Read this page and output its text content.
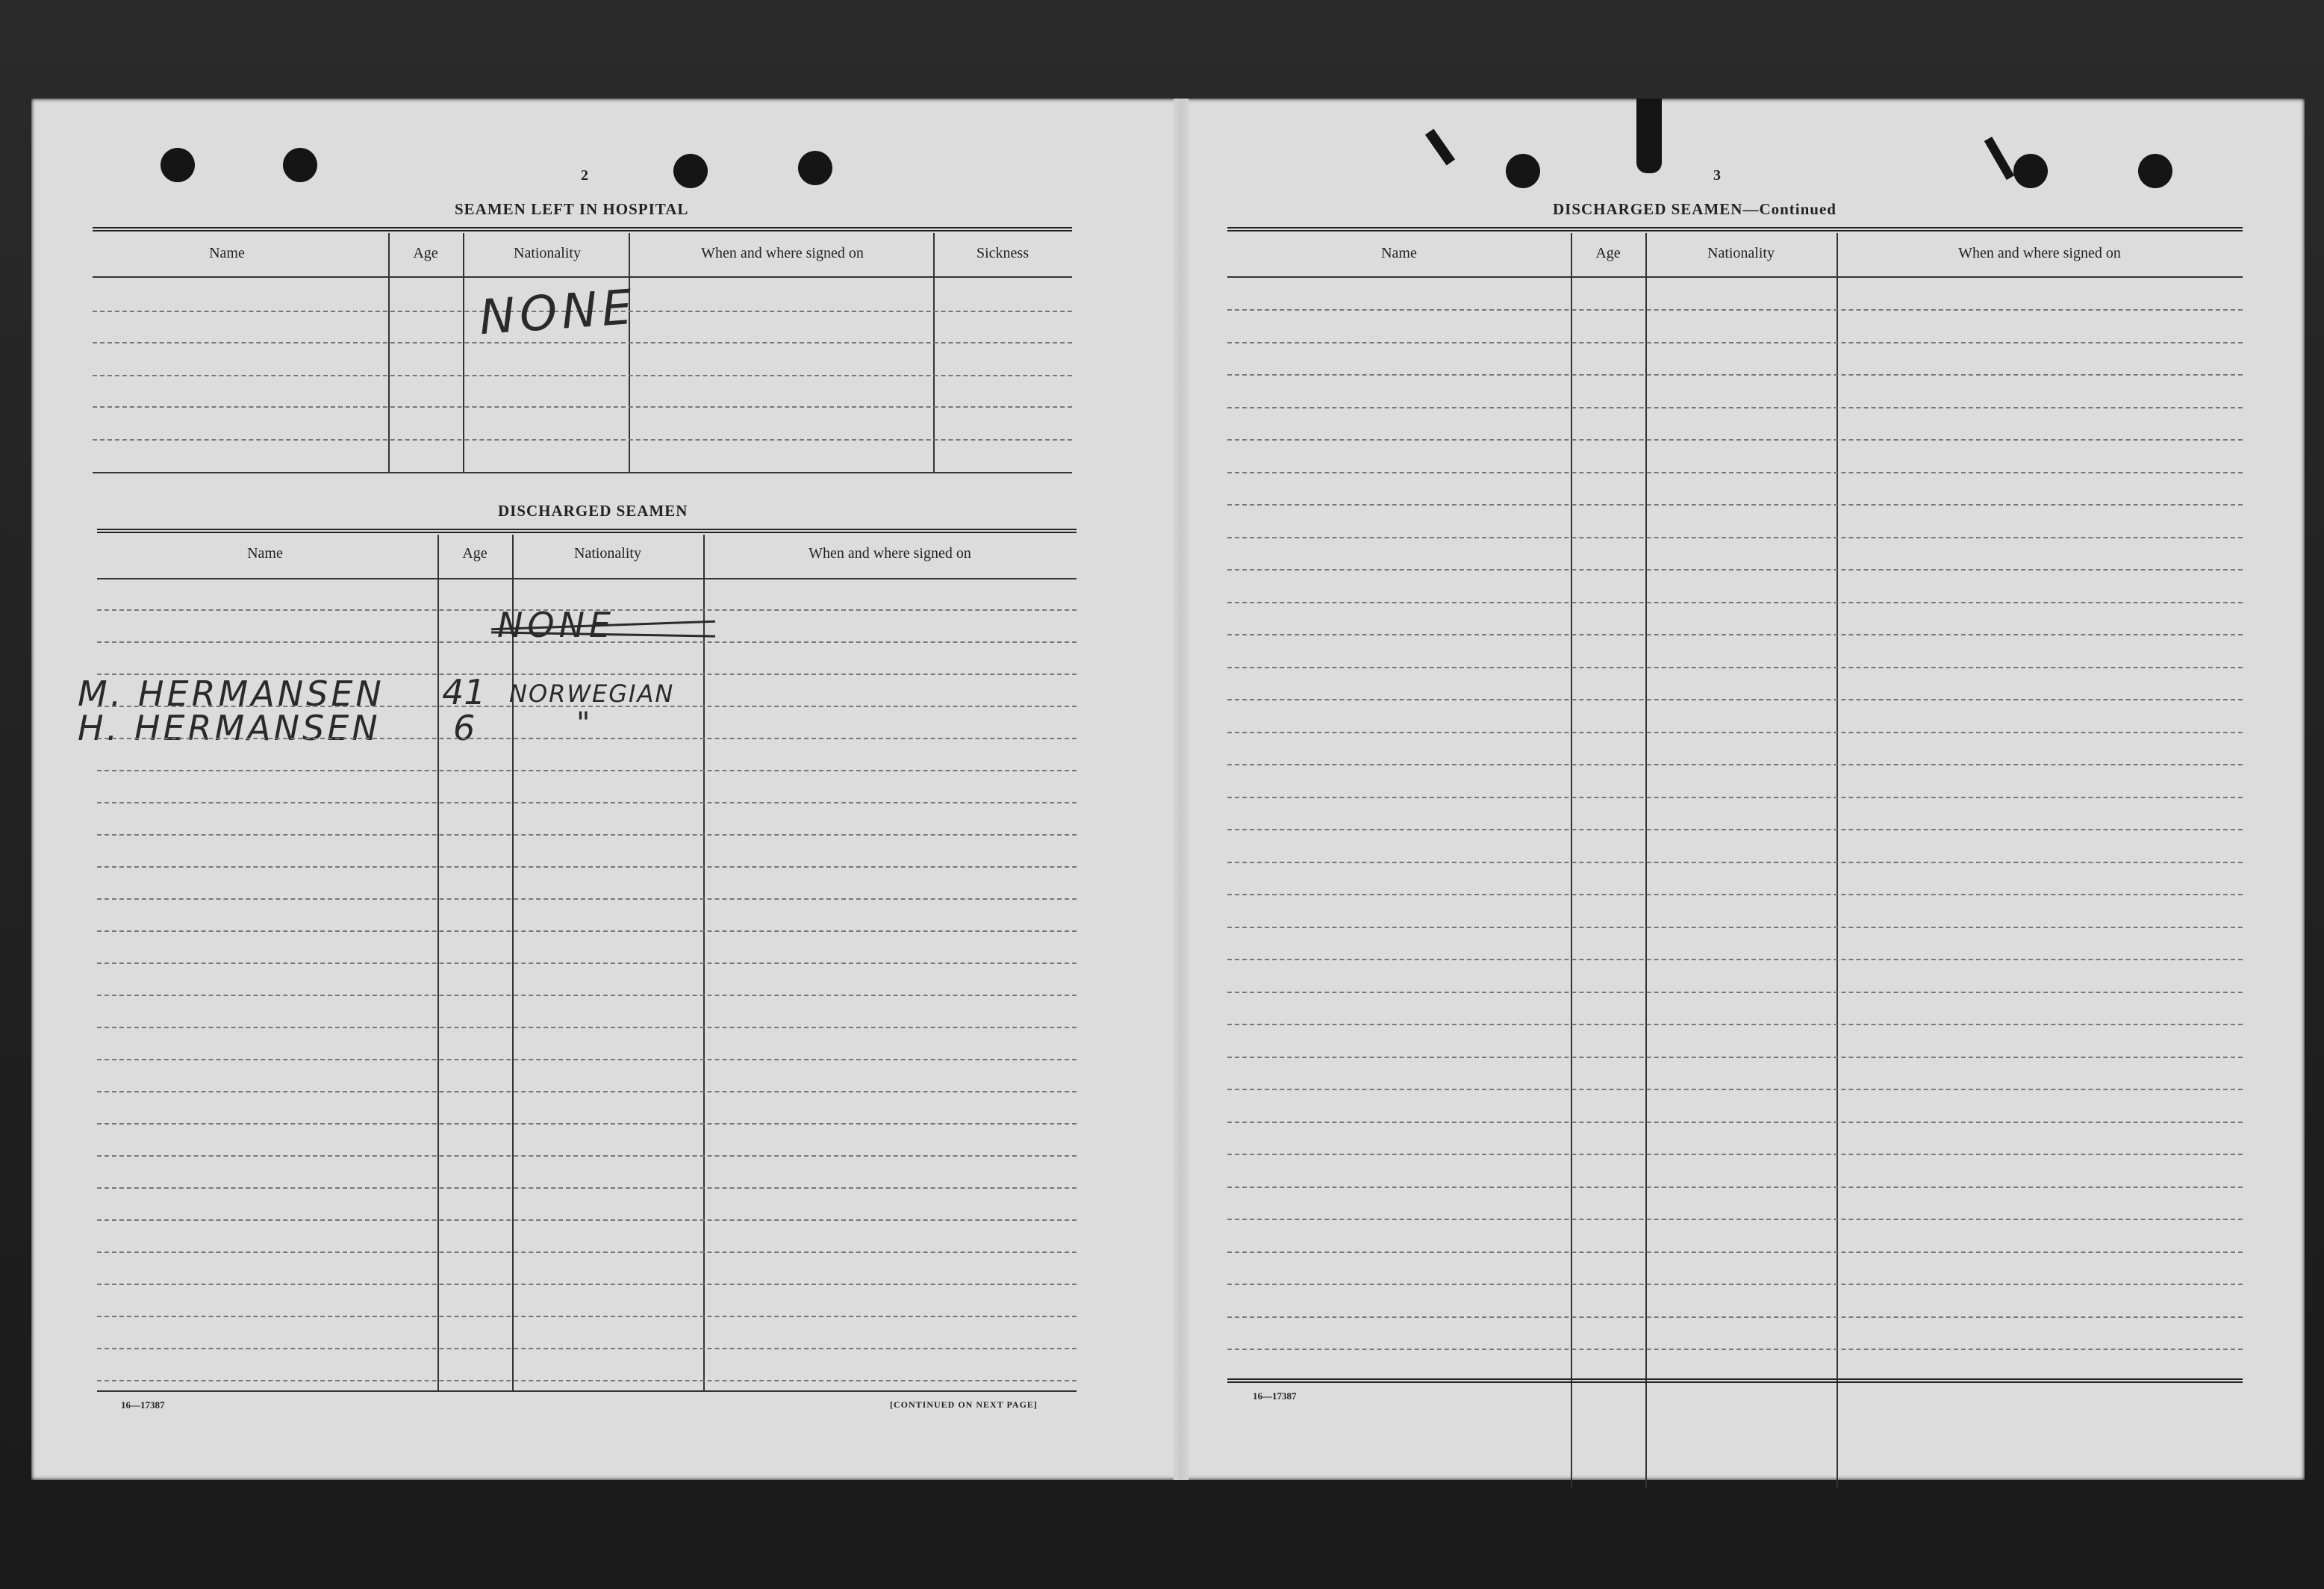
2
SEAMEN LEFT IN HOSPITAL
Name	Age	Nationality	When and where signed on	Sickness
NONE
DISCHARGED SEAMEN
Name	Age	Nationality	When and where signed on
NONE
M. HERMANSEN 41 NORWEGIAN
H. HERMANSEN 6	"
16—17387	[CONTINUED ON NEXT PAGE]
3
DISCHARGED SEAMEN—Continued
Name	Age	Nationality	When and where signed on
16—17387
